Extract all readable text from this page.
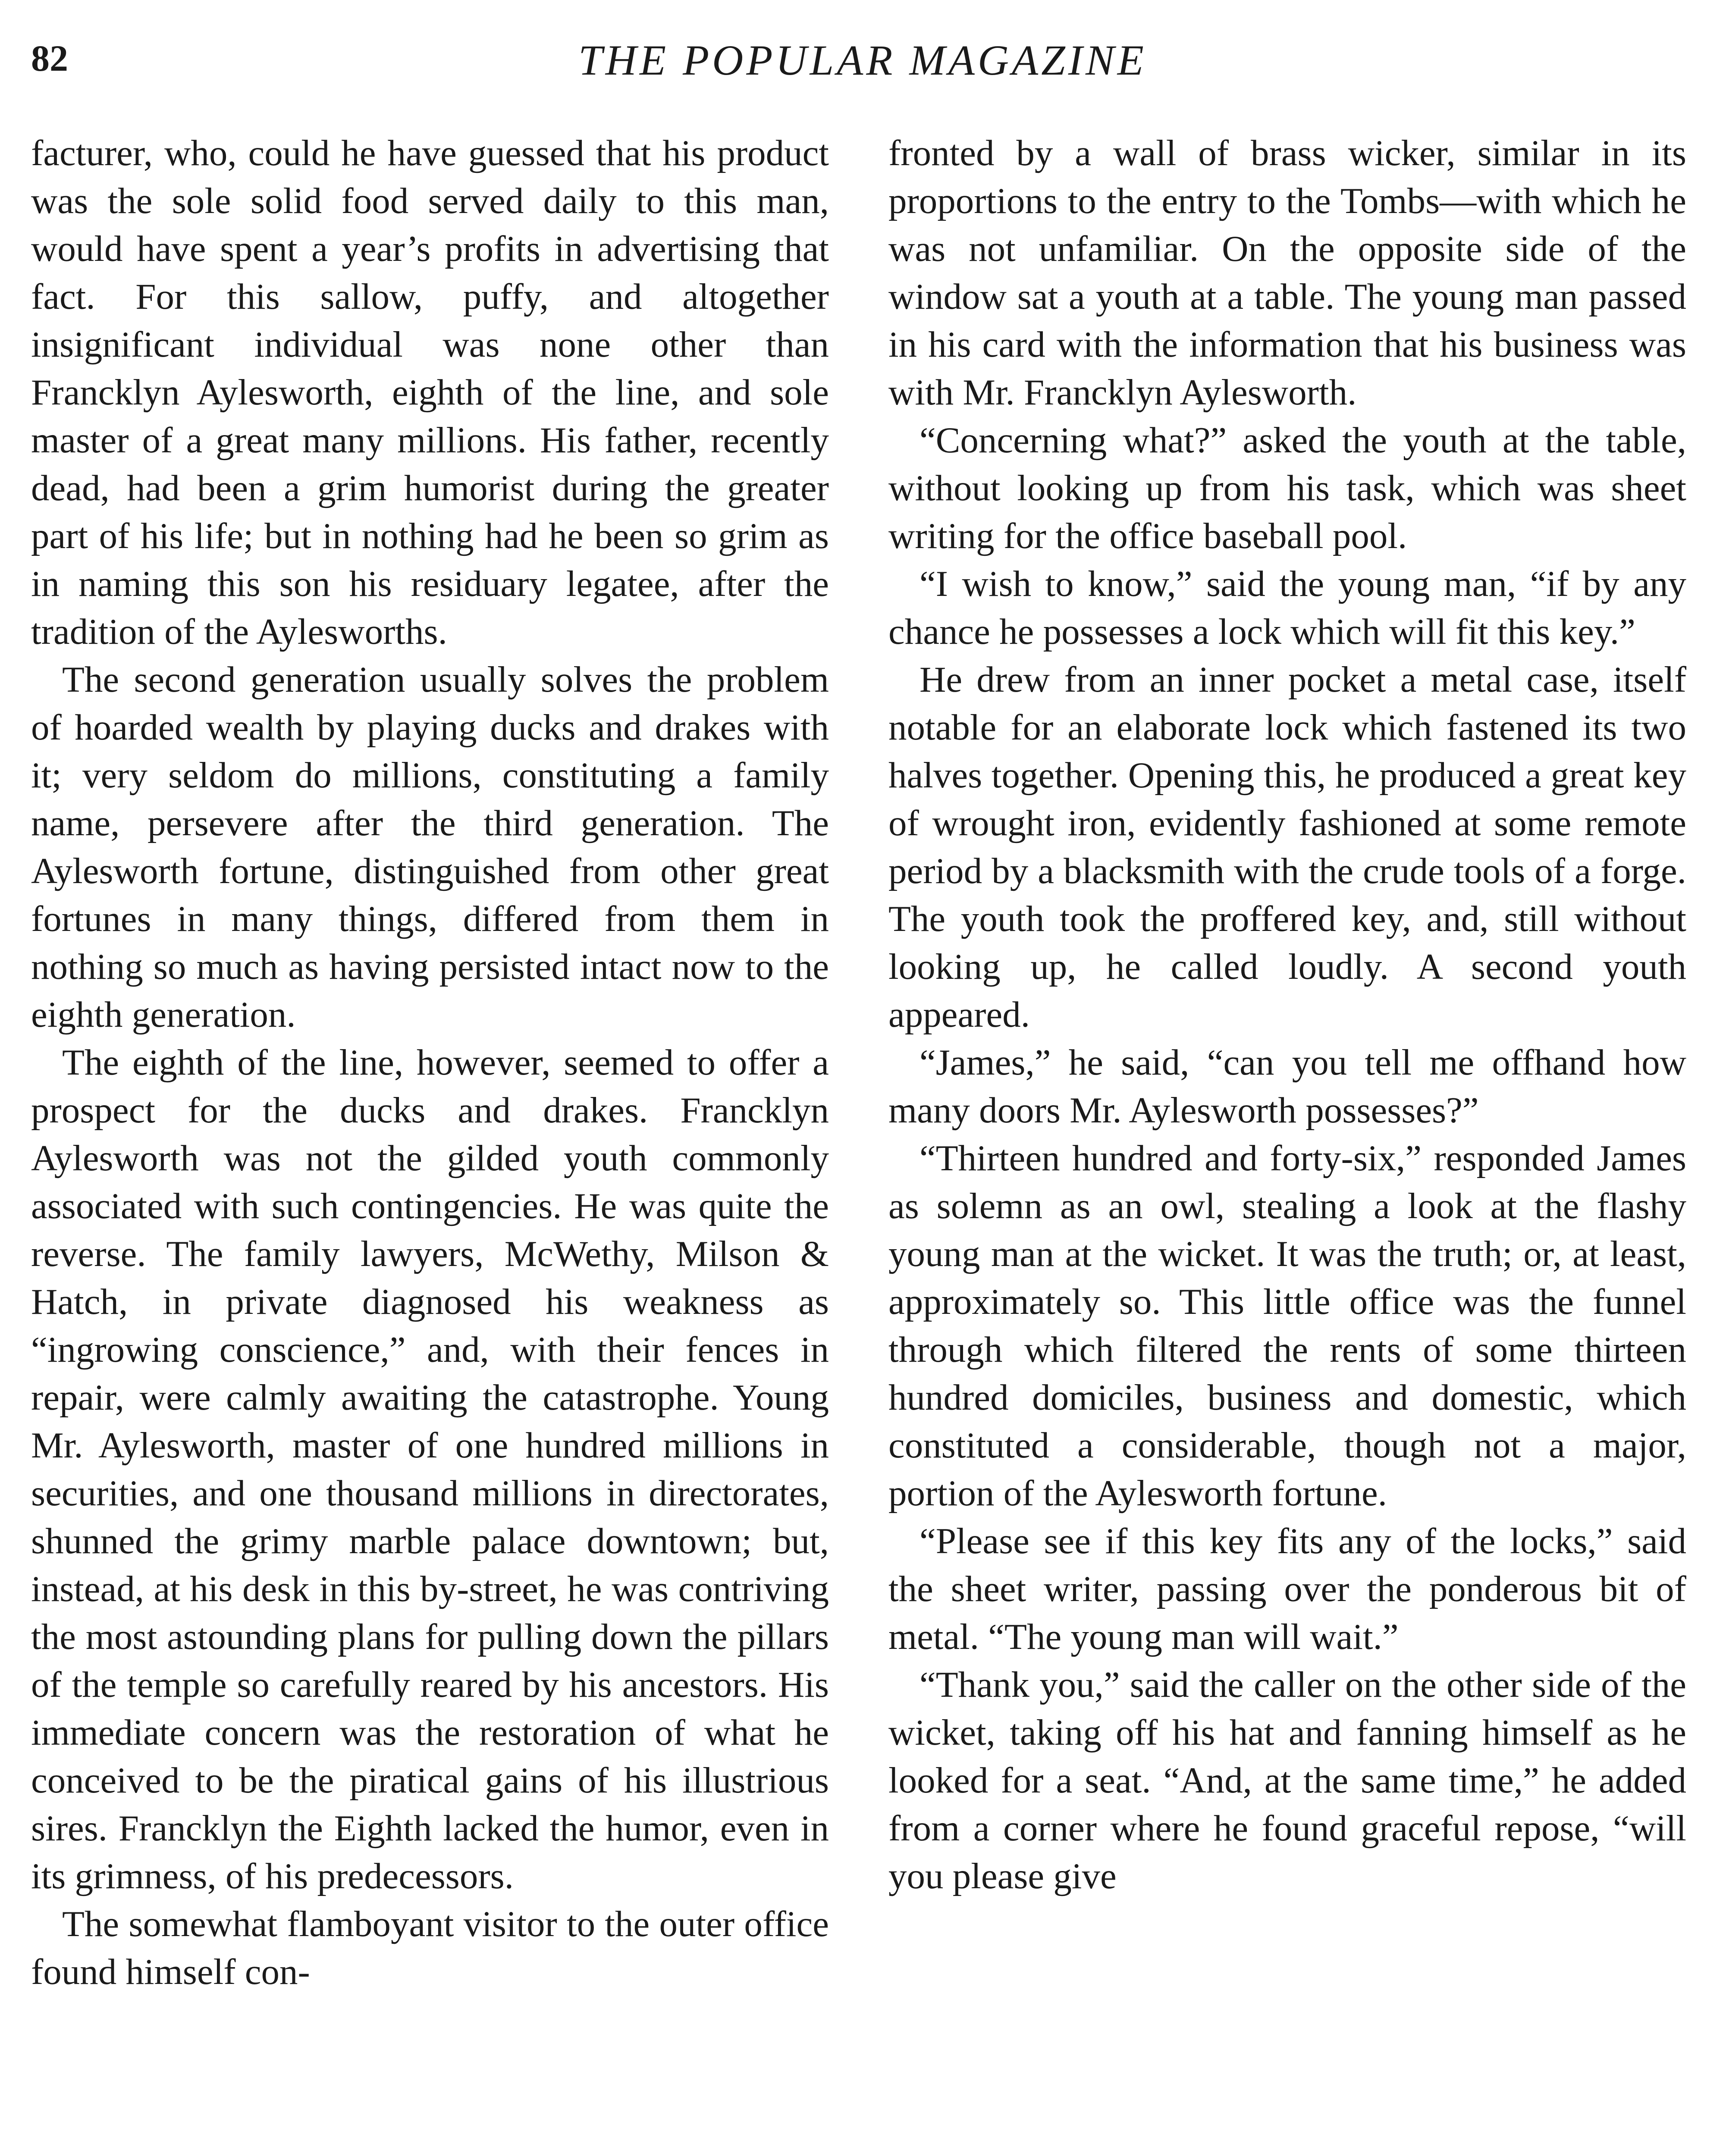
82	THE POPULAR MAGAZINE

facturer, who, could he have guessed that his product was the sole solid food served daily to this man, would have spent a year’s profits in advertising that fact. For this sallow, puffy, and altogether insignificant individual was none other than Francklyn Aylesworth, eighth of the line, and sole master of a great many millions. His father, recently dead, had been a grim humorist during the greater part of his life; but in nothing had he been so grim as in naming this son his residuary legatee, after the tradition of the Aylesworths.

The second generation usually solves the problem of hoarded wealth by playing ducks and drakes with it; very seldom do millions, constituting a family name, persevere after the third generation. The Aylesworth fortune, distinguished from other great fortunes in many things, differed from them in nothing so much as having persisted intact now to the eighth generation.

The eighth of the line, however, seemed to offer a prospect for the ducks and drakes. Francklyn Aylesworth was not the gilded youth commonly associated with such contingencies. He was quite the reverse. The family lawyers, McWethy, Milson & Hatch, in private diagnosed his weakness as “ingrowing conscience,” and, with their fences in repair, were calmly awaiting the catastrophe. Young Mr. Aylesworth, master of one hundred millions in securities, and one thousand millions in directorates, shunned the grimy marble palace downtown; but, instead, at his desk in this by-street, he was contriving the most astounding plans for pulling down the pillars of the temple so carefully reared by his ancestors. His immediate concern was the restoration of what he conceived to be the piratical gains of his illustrious sires. Francklyn the Eighth lacked the humor, even in its grimness, of his predecessors.

The somewhat flamboyant visitor to the outer office found himself con-

fronted by a wall of brass wicker, similar in its proportions to the entry to the Tombs—with which he was not unfamiliar. On the opposite side of the window sat a youth at a table. The young man passed in his card with the information that his business was with Mr. Francklyn Aylesworth.

“Concerning what?” asked the youth at the table, without looking up from his task, which was sheet writing for the office baseball pool.

“I wish to know,” said the young man, “if by any chance he possesses a lock which will fit this key.”

He drew from an inner pocket a metal case, itself notable for an elaborate lock which fastened its two halves together. Opening this, he produced a great key of wrought iron, evidently fashioned at some remote period by a blacksmith with the crude tools of a forge. The youth took the proffered key, and, still without looking up, he called loudly. A second youth appeared.

“James,” he said, “can you tell me offhand how many doors Mr. Aylesworth possesses?”

“Thirteen hundred and forty-six,” responded James as solemn as an owl, stealing a look at the flashy young man at the wicket. It was the truth; or, at least, approximately so. This little office was the funnel through which filtered the rents of some thirteen hundred domiciles, business and domestic, which constituted a considerable, though not a major, portion of the Aylesworth fortune.

“Please see if this key fits any of the locks,” said the sheet writer, passing over the ponderous bit of metal. “The young man will wait.”

“Thank you,” said the caller on the other side of the wicket, taking off his hat and fanning himself as he looked for a seat. “And, at the same time,” he added from a corner where he found graceful repose, “will you please give
